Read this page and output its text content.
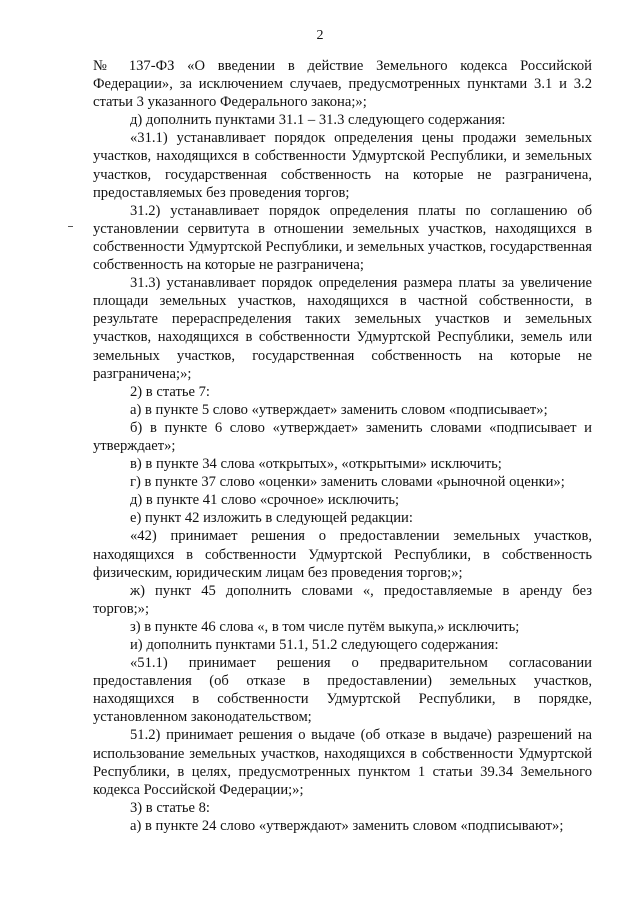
2

№ 137-ФЗ «О введении в действие Земельного кодекса Российской Федерации», за исключением случаев, предусмотренных пунктами 3.1 и 3.2 статьи 3 указанного Федерального закона;»;

д) дополнить пунктами 31.1 – 31.3 следующего содержания:

«31.1) устанавливает порядок определения цены продажи земельных участков, находящихся в собственности Удмуртской Республики, и земельных участков, государственная собственность на которые не разграничена, предоставляемых без проведения торгов;

31.2) устанавливает порядок определения платы по соглашению об установлении сервитута в отношении земельных участков, находящихся в собственности Удмуртской Республики, и земельных участков, государственная собственность на которые не разграничена;

31.3) устанавливает порядок определения размера платы за увеличение площади земельных участков, находящихся в частной собственности, в результате перераспределения таких земельных участков и земельных участков, находящихся в собственности Удмуртской Республики, земель или земельных участков, государственная собственность на которые не разграничена;»;

2) в статье 7:

а) в пункте 5 слово «утверждает» заменить словом «подписывает»;

б) в пункте 6 слово «утверждает» заменить словами «подписывает и утверждает»;

в) в пункте 34 слова «открытых», «открытыми» исключить;

г) в пункте 37 слово «оценки» заменить словами «рыночной оценки»;

д) в пункте 41 слово «срочное» исключить;

е) пункт 42 изложить в следующей редакции:

«42) принимает решения о предоставлении земельных участков, находящихся в собственности Удмуртской Республики, в собственность физическим, юридическим лицам без проведения торгов;»;

ж) пункт 45 дополнить словами «, предоставляемые в аренду без торгов;»;

з) в пункте 46 слова «, в том числе путём выкупа,» исключить;

и) дополнить пунктами 51.1, 51.2 следующего содержания:

«51.1) принимает решения о предварительном согласовании предоставления (об отказе в предоставлении) земельных участков, находящихся в собственности Удмуртской Республики, в порядке, установленном законодательством;

51.2) принимает решения о выдаче (об отказе в выдаче) разрешений на использование земельных участков, находящихся в собственности Удмуртской Республики, в целях, предусмотренных пунктом 1 статьи 39.34 Земельного кодекса Российской Федерации;»;

3) в статье 8:

а) в пункте 24 слово «утверждают» заменить словом «подписывают»;
